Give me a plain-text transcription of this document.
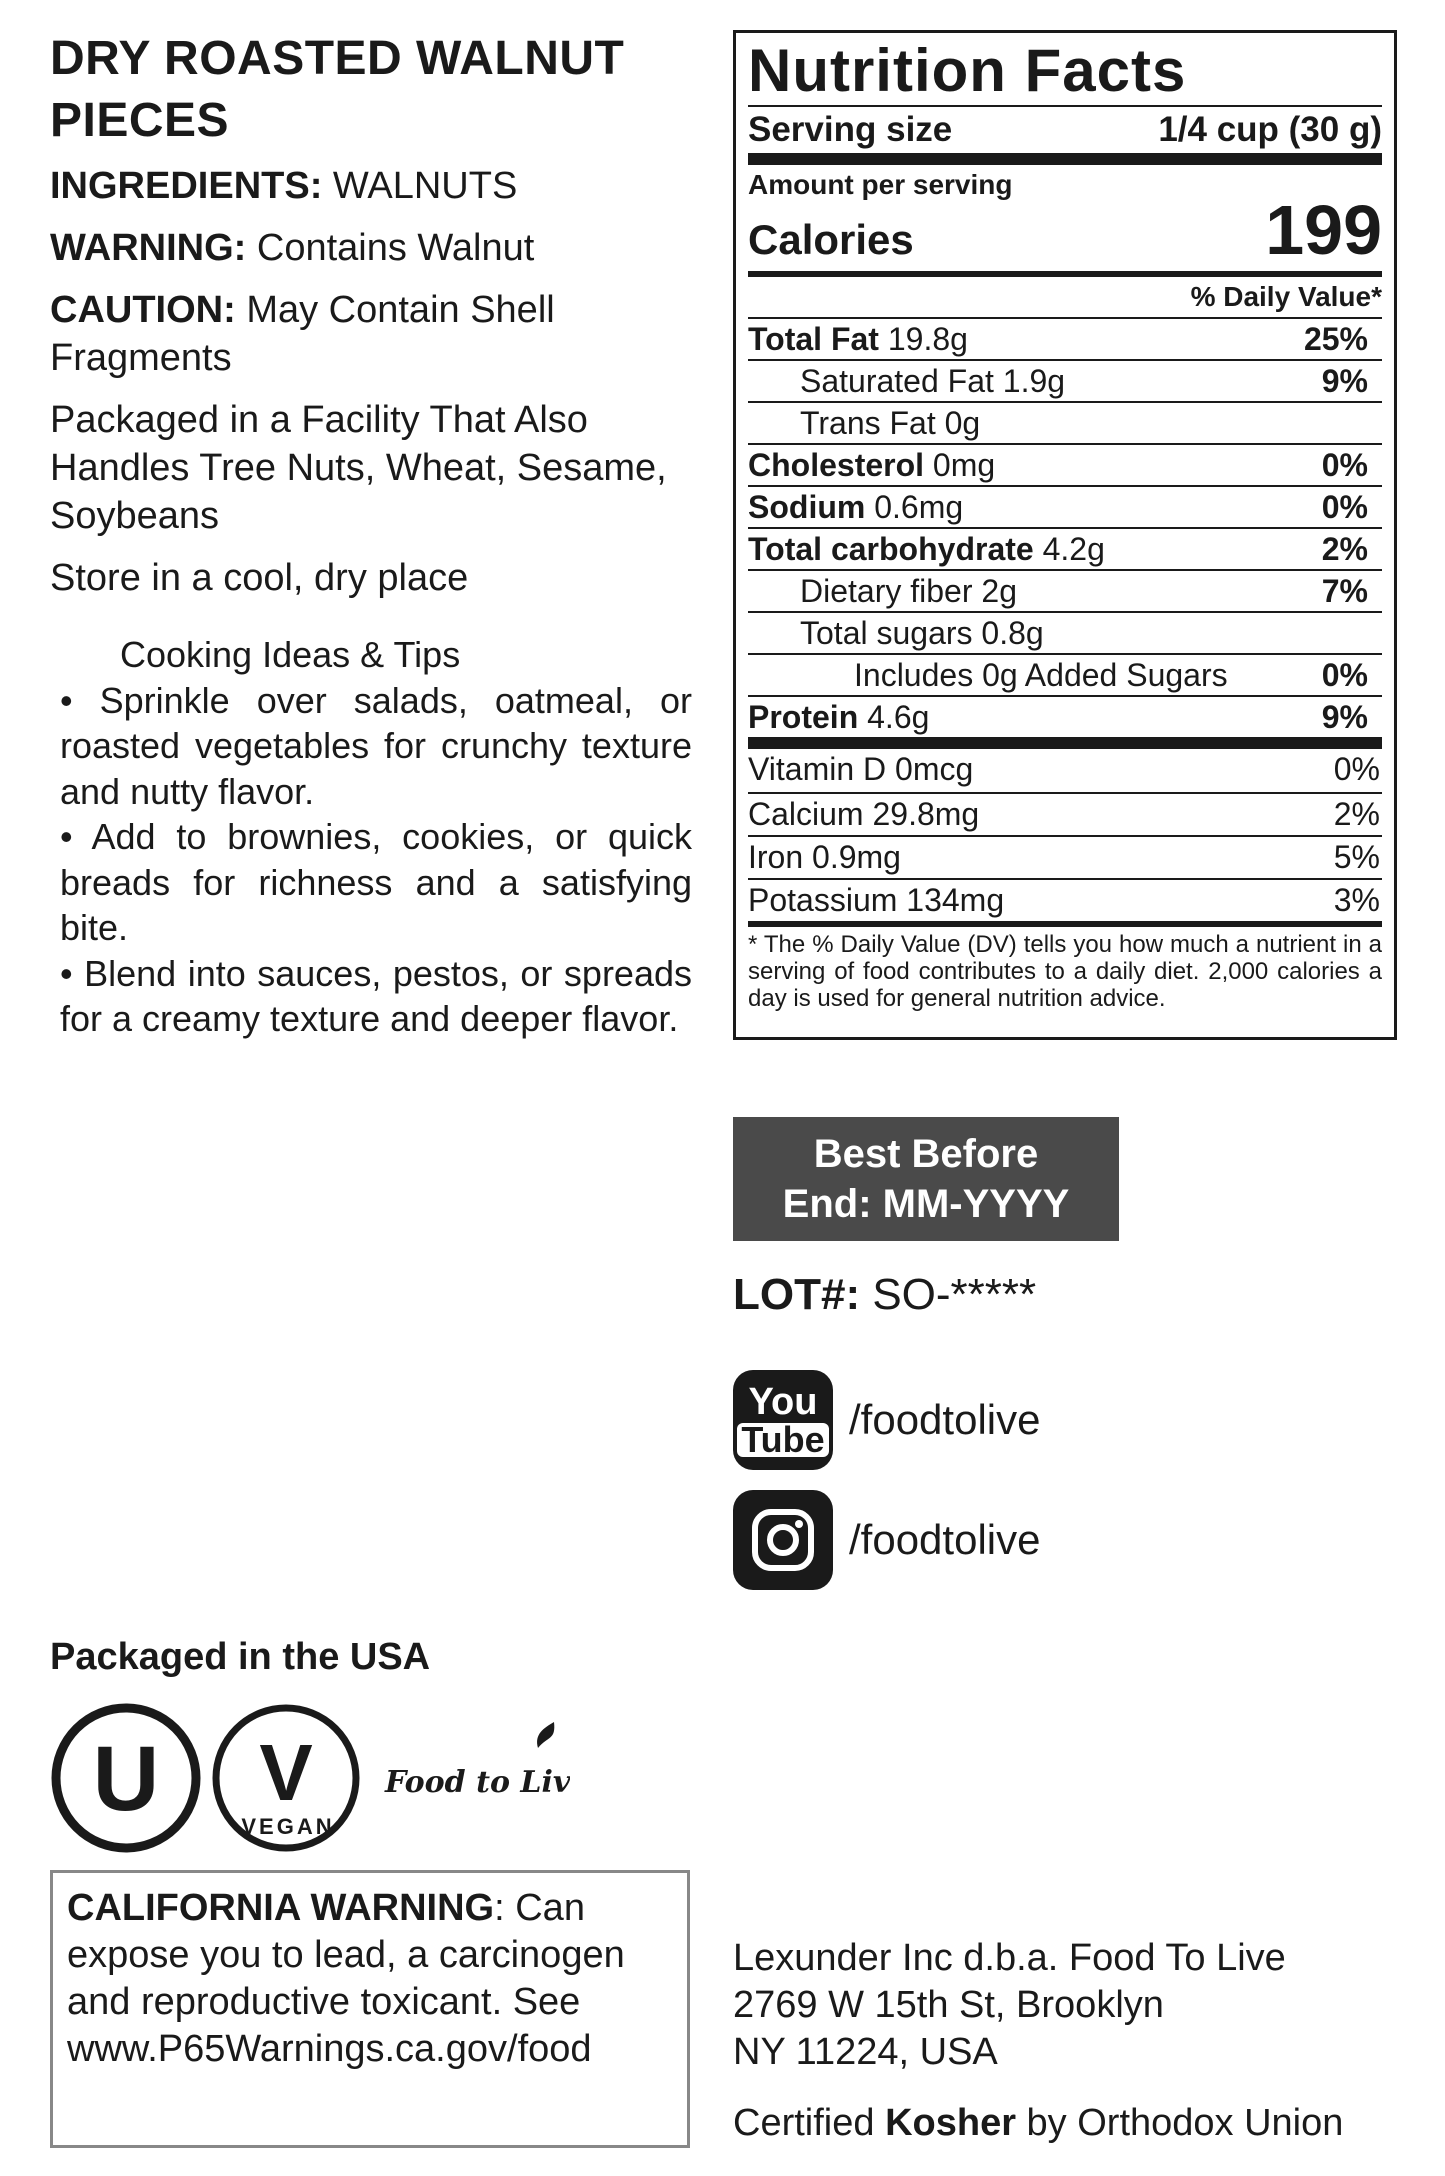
DRY ROASTED WALNUT
PIECES
INGREDIENTS: WALNUTS
WARNING: Contains Walnut
CAUTION: May Contain Shell Fragments
Packaged in a Facility That Also Handles Tree Nuts, Wheat, Sesame, Soybeans
Store in a cool, dry place
Cooking Ideas & Tips
• Sprinkle over salads, oatmeal, or roasted vegetables for crunchy texture and nutty flavor.
• Add to brownies, cookies, or quick breads for richness and a satisfying bite.
• Blend into sauces, pestos, or spreads for a creamy texture and deeper flavor.
Nutrition Facts
Serving size	1/4 cup (30 g)
Amount per serving
Calories	199
% Daily Value*
Total Fat 19.8g	25%
Saturated Fat 1.9g	9%
Trans Fat 0g
Cholesterol 0mg	0%
Sodium 0.6mg	0%
Total carbohydrate 4.2g	2%
Dietary fiber 2g	7%
Total sugars 0.8g
Includes 0g Added Sugars	0%
Protein 4.6g	9%
Vitamin D 0mcg	0%
Calcium 29.8mg	2%
Iron 0.9mg	5%
Potassium 134mg	3%
* The % Daily Value (DV) tells you how much a nutrient in a serving of food contributes to a daily diet. 2,000 calories a day is used for general nutrition advice.
Best Before
End: MM-YYYY
LOT#: SO-*****
You
Tube /foodtolive
/foodtolive
Packaged in the USA
U V
VEGAN
Food to Live
CALIFORNIA WARNING: Can expose you to lead, a carcinogen and reproductive toxicant. See www.P65Warnings.ca.gov/food
Lexunder Inc d.b.a. Food To Live
2769 W 15th St, Brooklyn
NY 11224, USA
Certified Kosher by Orthodox Union
